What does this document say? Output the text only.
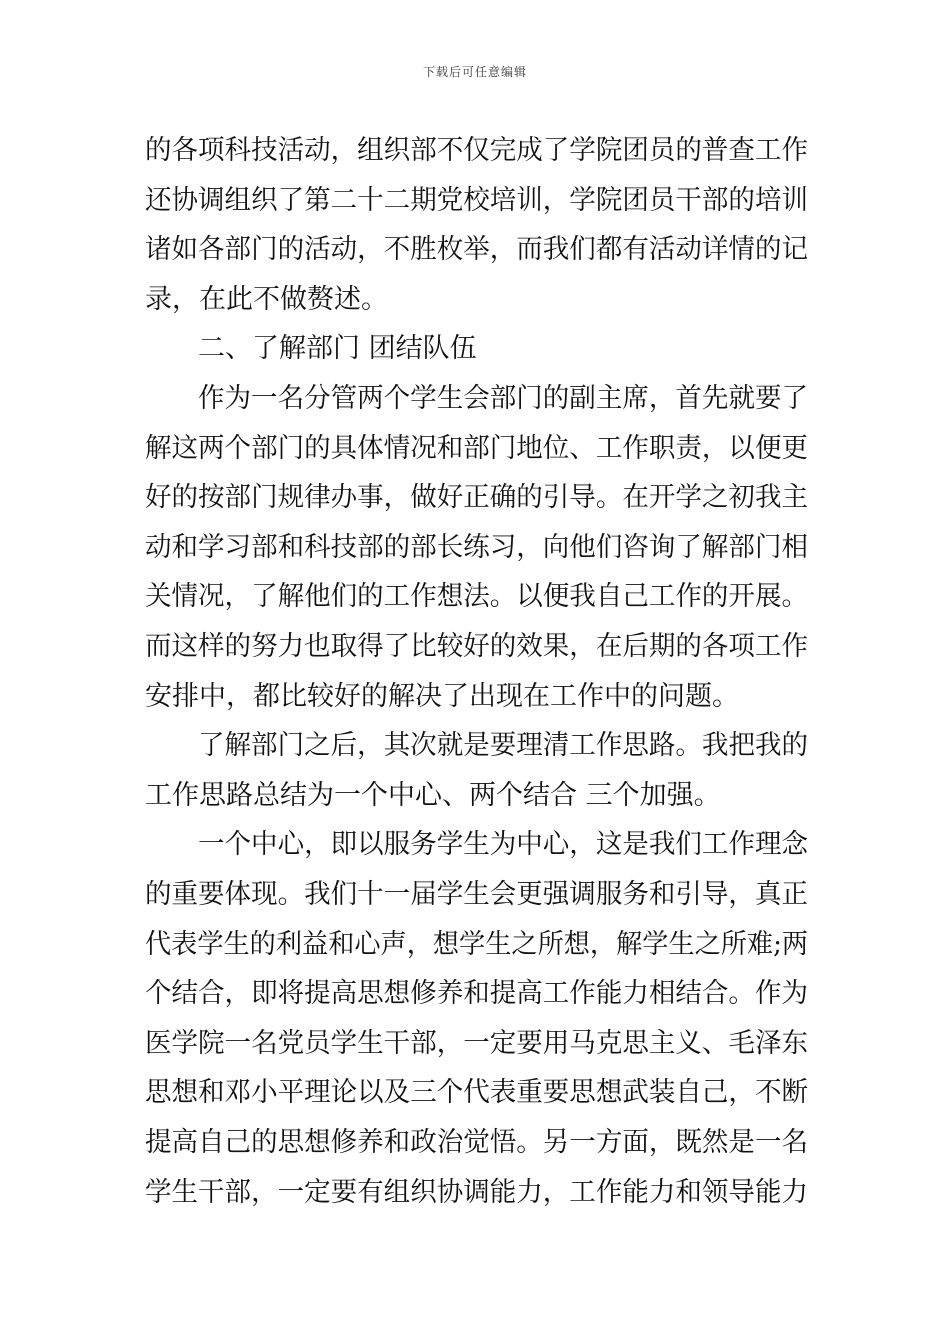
下载后可任意编辑
的各项科技活动，组织部不仅完成了学院团员的普查工作
还协调组织了第二十二期党校培训，学院团员干部的培训
诸如各部门的活动，不胜枚举，而我们都有活动详情的记
录，在此不做赘述。
二、了解部门 团结队伍
作为一名分管两个学生会部门的副主席，首先就要了
解这两个部门的具体情况和部门地位、工作职责，以便更
好的按部门规律办事，做好正确的引导。在开学之初我主
动和学习部和科技部的部长练习，向他们咨询了解部门相
关情况，了解他们的工作想法。以便我自己工作的开展。
而这样的努力也取得了比较好的效果，在后期的各项工作
安排中，都比较好的解决了出现在工作中的问题。
了解部门之后，其次就是要理清工作思路。我把我的
工作思路总结为一个中心、两个结合 三个加强。
一个中心，即以服务学生为中心，这是我们工作理念
的重要体现。我们十一届学生会更强调服务和引导，真正
代表学生的利益和心声，想学生之所想，解学生之所难;两
个结合，即将提高思想修养和提高工作能力相结合。作为
医学院一名党员学生干部，一定要用马克思主义、毛泽东
思想和邓小平理论以及三个代表重要思想武装自己，不断
提高自己的思想修养和政治觉悟。另一方面，既然是一名
学生干部，一定要有组织协调能力，工作能力和领导能力
